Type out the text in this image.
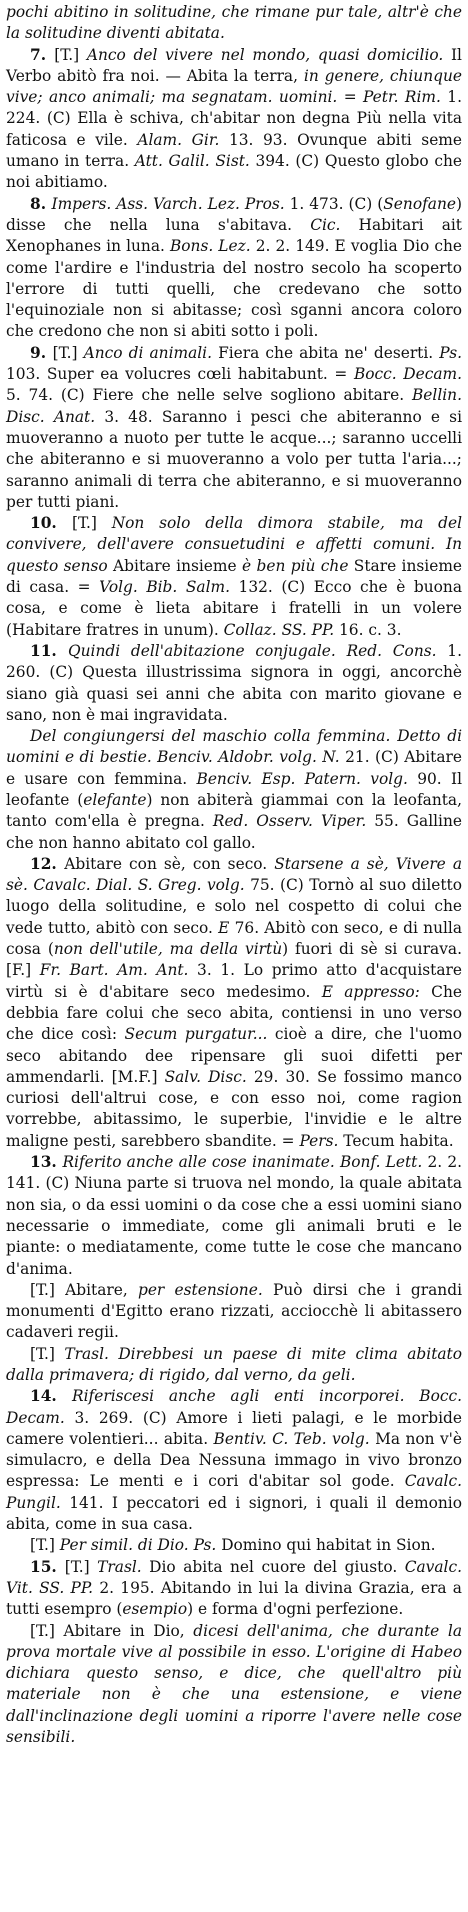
pochi abitino in solitudine, che rimane pur tale, altr'è che la solitudine diventi abitata.

7. [T.] Anco del vivere nel mondo, quasi domicilio. Il Verbo abitò fra noi. — Abita la terra, in genere, chiunque vive; anco animali; ma segnatam. uomini. = Petr. Rim. 1. 224. (C) Ella è schiva, ch'abitar non degna Più nella vita faticosa e vile. Alam. Gir. 13. 93. Ovunque abiti seme umano in terra. Att. Galil. Sist. 394. (C) Questo globo che noi abitiamo.

8. Impers. Ass. Varch. Lez. Pros. 1. 473. (C) (Senofane) disse che nella luna s'abitava. Cic. Habitari ait Xenophanes in luna. Bons. Lez. 2. 2. 149. E voglia Dio che come l'ardire e l'industria del nostro secolo ha scoperto l'errore di tutti quelli, che credevano che sotto l'equinoziale non si abitasse; così sganni ancora coloro che credono che non si abiti sotto i poli.

9. [T.] Anco di animali. Fiera che abita ne' deserti. Ps. 103. Super ea volucres cœli habitabunt. = Bocc. Decam. 5. 74. (C) Fiere che nelle selve sogliono abitare. Bellin. Disc. Anat. 3. 48. Saranno i pesci che abiteranno e si muoveranno a nuoto per tutte le acque...; saranno uccelli che abiteranno e si muoveranno a volo per tutta l'aria...; saranno animali di terra che abiteranno, e si muoveranno per tutti piani.

10. [T.] Non solo della dimora stabile, ma del convivere, dell'avere consuetudini e affetti comuni. In questo senso Abitare insieme è ben più che Stare insieme di casa. = Volg. Bib. Salm. 132. (C) Ecco che è buona cosa, e come è lieta abitare i fratelli in un volere (Habitare fratres in unum). Collaz. SS. PP. 16. c. 3.

11. Quindi dell'abitazione conjugale. Red. Cons. 1. 260. (C) Questa illustrissima signora in oggi, ancorchè siano già quasi sei anni che abita con marito giovane e sano, non è mai ingravidata.

Del congiungersi del maschio colla femmina. Detto di uomini e di bestie. Benciv. Aldobr. volg. N. 21. (C) Abitare e usare con femmina. Benciv. Esp. Patern. volg. 90. Il leofante (elefante) non abiterà giammai con la leofanta, tanto com'ella è pregna. Red. Osserv. Viper. 55. Galline che non hanno abitato col gallo.

12. Abitare con sè, con seco. Starsene a sè, Vivere a sè. Cavalc. Dial. S. Greg. volg. 75. (C) Tornò al suo diletto luogo della solitudine, e solo nel cospetto di colui che vede tutto, abitò con seco. E 76. Abitò con seco, e di nulla cosa (non dell'utile, ma della virtù) fuori di sè si curava. [F.] Fr. Bart. Am. Ant. 3. 1. Lo primo atto d'acquistare virtù si è d'abitare seco medesimo. E appresso: Che debbia fare colui che seco abita, contiensi in uno verso che dice così: Secum purgatur... cioè a dire, che l'uomo seco abitando dee ripensare gli suoi difetti per ammendarli. [M.F.] Salv. Disc. 29. 30. Se fossimo manco curiosi dell'altrui cose, e con esso noi, come ragion vorrebbe, abitassimo, le superbie, l'invidie e le altre maligne pesti, sarebbero sbandite. = Pers. Tecum habita.

13. Riferito anche alle cose inanimate. Bonf. Lett. 2. 2. 141. (C) Niuna parte si truova nel mondo, la quale abitata non sia, o da essi uomini o da cose che a essi uomini siano necessarie o immediate, come gli animali bruti e le piante: o mediatamente, come tutte le cose che mancano d'anima.

[T.] Abitare, per estensione. Può dirsi che i grandi monumenti d'Egitto erano rizzati, acciocchè li abitassero cadaveri regii.

[T.] Trasl. Direbbesi un paese di mite clima abitato dalla primavera; di rigido, dal verno, da geli.

14. Riferiscesi anche agli enti incorporei. Bocc. Decam. 3. 269. (C) Amore i lieti palagi, e le morbide camere volentieri... abita. Bentiv. C. Teb. volg. Ma non v'è simulacro, e della Dea Nessuna immago in vivo bronzo espressa: Le menti e i cori d'abitar sol gode. Cavalc. Pungil. 141. I peccatori ed i signori, i quali il demonio abita, come in sua casa.

[T.] Per simil. di Dio. Ps. Domino qui habitat in Sion.

15. [T.] Trasl. Dio abita nel cuore del giusto. Cavalc. Vit. SS. PP. 2. 195. Abitando in lui la divina Grazia, era a tutti esempro (esempio) e forma d'ogni perfezione.

[T.] Abitare in Dio, dicesi dell'anima, che durante la prova mortale vive al possibile in esso. L'origine di Habeo dichiara questo senso, e dice, che quell'altro più materiale non è che una estensione, e viene dall'inclinazione degli uomini a riporre l'avere nelle cose sensibili.
